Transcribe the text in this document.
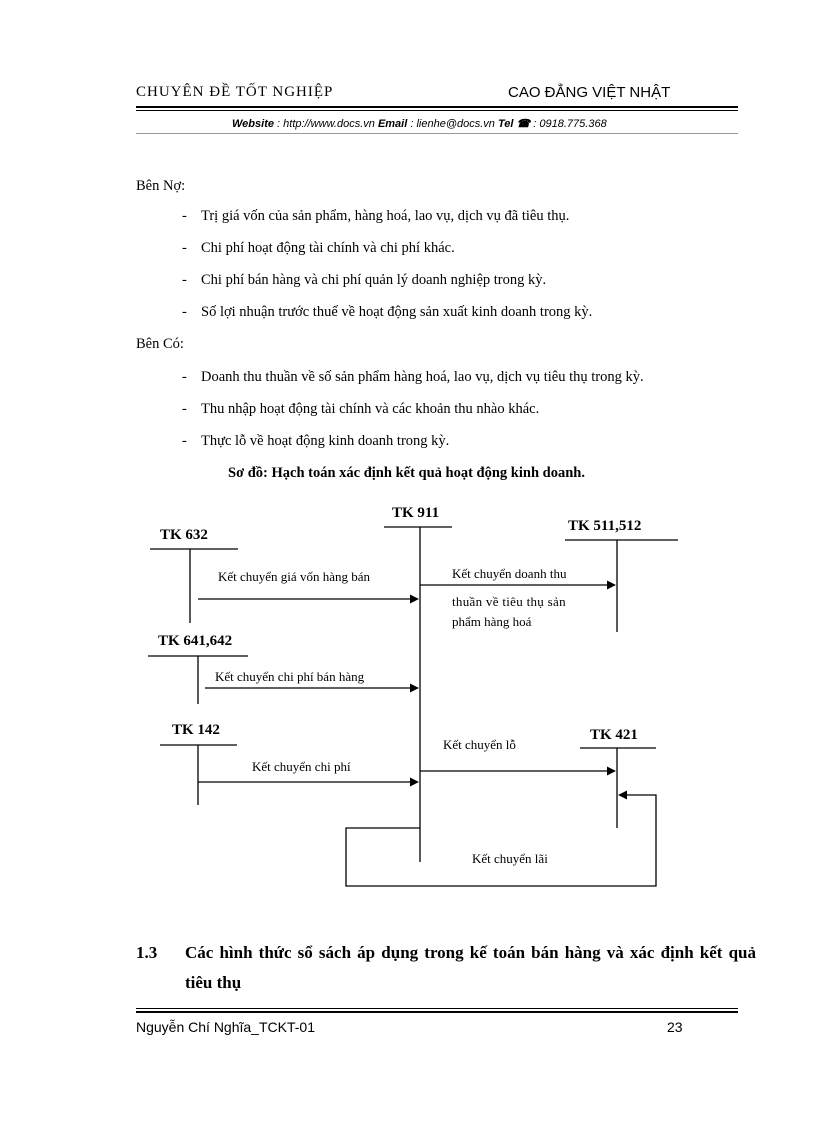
CHUYÊN ĐỀ TỐT NGHIỆP	CAO ĐẲNG VIỆT NHẬT
Website : http://www.docs.vn Email : lienhe@docs.vn Tel ☎ : 0918.775.368
Bên Nợ:
- Trị giá vốn của sản phẩm, hàng hoá, lao vụ, dịch vụ đã tiêu thụ.
- Chi phí hoạt động tài chính và chi phí khác.
- Chi phí bán hàng và chi phí quản lý doanh nghiệp trong kỳ.
- Số lợi nhuận trước thuế về hoạt động sản xuất kinh doanh trong kỳ.
Bên Có:
- Doanh thu thuần về số sản phẩm hàng hoá, lao vụ, dịch vụ tiêu thụ trong kỳ.
- Thu nhập hoạt động tài chính và các khoản thu nhào khác.
- Thực lỗ về hoạt động kinh doanh trong kỳ.
Sơ đồ: Hạch toán xác định kết quả hoạt động kinh doanh.
TK 911
TK 632
TK 511,512
TK 641,642
TK 142	TK 421
Kết chuyển giá vốn hàng bán	Kết chuyển doanh thu
thuần về tiêu thụ sản
phẩm hàng hoá
Kết chuyển chi phí bán hàng
Kết chuyển chi phí
Kết chuyển lỗ
Kết chuyển lãi
1.3 Các hình thức sổ sách áp dụng trong kế toán bán hàng và xác định kết quả tiêu thụ
Nguyễn Chí Nghĩa_TCKT-01	23
